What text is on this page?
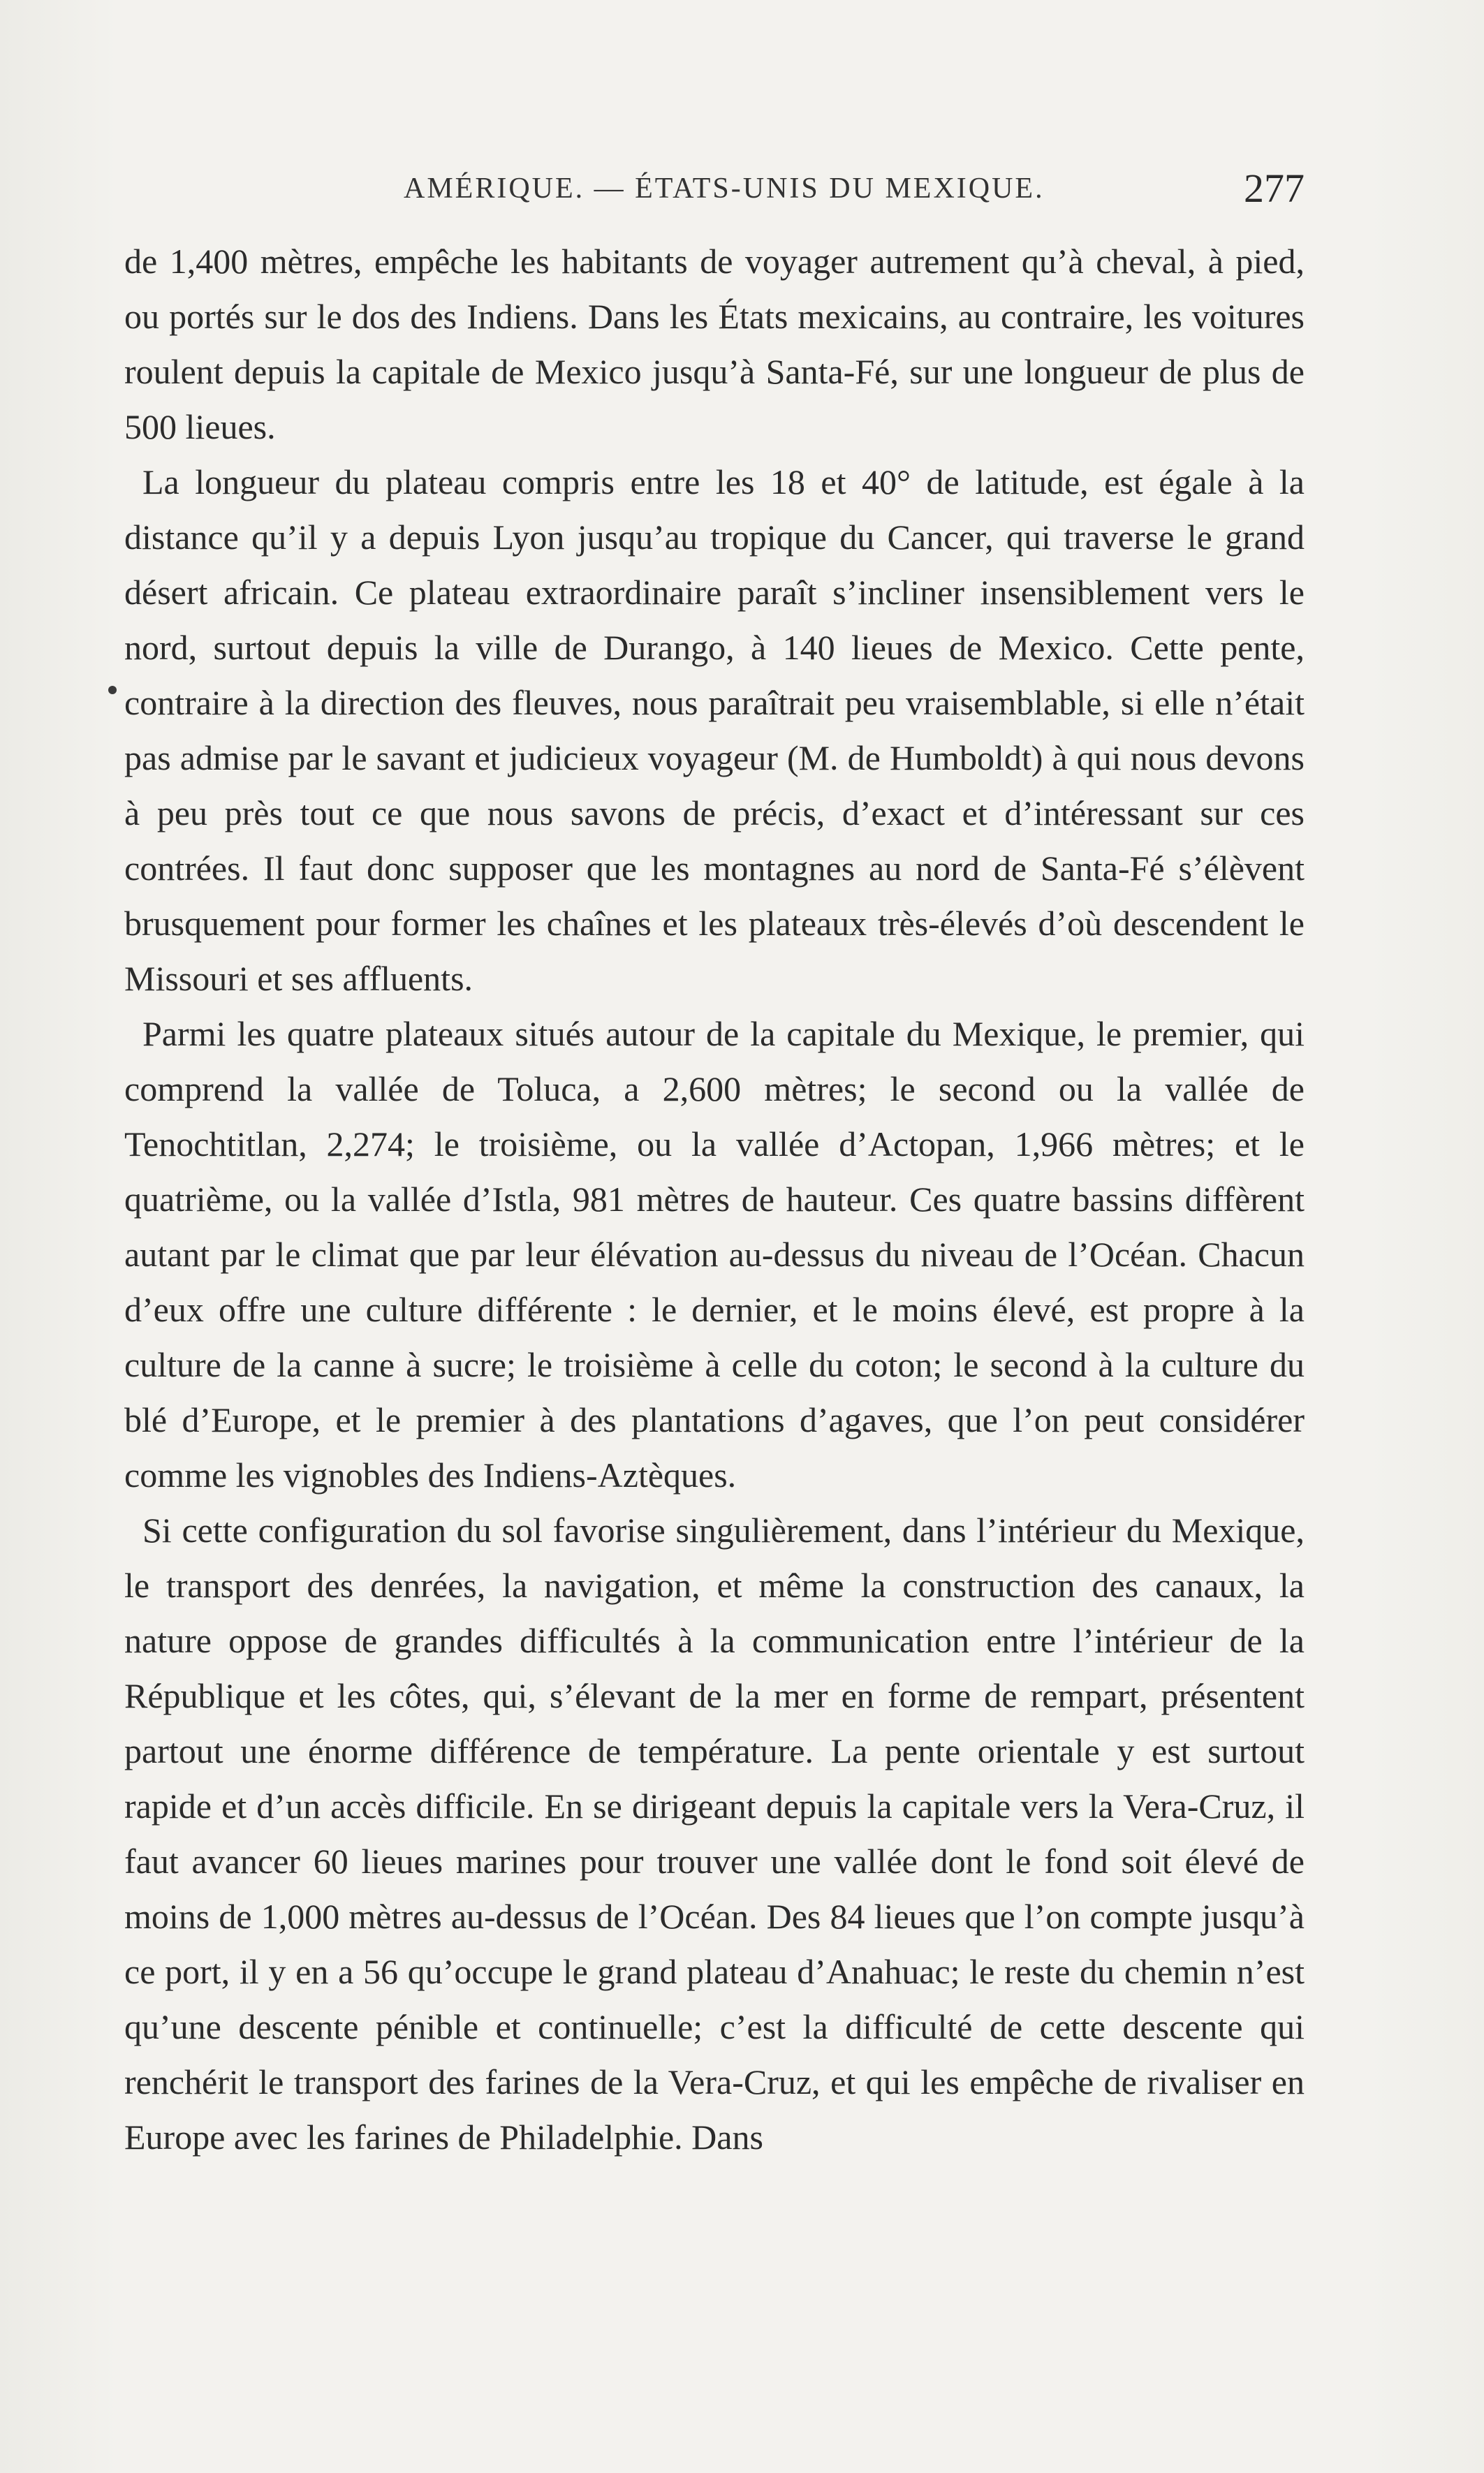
AMÉRIQUE. — ÉTATS-UNIS DU MEXIQUE.	277

de 1,400 mètres, empêche les habitants de voyager autrement qu’à cheval, à pied, ou portés sur le dos des Indiens. Dans les États mexicains, au contraire, les voitures roulent depuis la capitale de Mexico jusqu’à Santa-Fé, sur une longueur de plus de 500 lieues.

La longueur du plateau compris entre les 18 et 40° de latitude, est égale à la distance qu’il y a depuis Lyon jusqu’au tropique du Cancer, qui traverse le grand désert africain. Ce plateau extraordinaire paraît s’incliner insensiblement vers le nord, surtout depuis la ville de Durango, à 140 lieues de Mexico. Cette pente, contraire à la direction des fleuves, nous paraîtrait peu vraisemblable, si elle n’était pas admise par le savant et judicieux voyageur (M. de Humboldt) à qui nous devons à peu près tout ce que nous savons de précis, d’exact et d’intéressant sur ces contrées. Il faut donc supposer que les montagnes au nord de Santa-Fé s’élèvent brusquement pour former les chaînes et les plateaux très-élevés d’où descendent le Missouri et ses affluents.

Parmi les quatre plateaux situés autour de la capitale du Mexique, le premier, qui comprend la vallée de Toluca, a 2,600 mètres; le second ou la vallée de Tenochtitlan, 2,274; le troisième, ou la vallée d’Actopan, 1,966 mètres; et le quatrième, ou la vallée d’Istla, 981 mètres de hauteur. Ces quatre bassins diffèrent autant par le climat que par leur élévation au-dessus du niveau de l’Océan. Chacun d’eux offre une culture différente : le dernier, et le moins élevé, est propre à la culture de la canne à sucre; le troisième à celle du coton; le second à la culture du blé d’Europe, et le premier à des plantations d’agaves, que l’on peut considérer comme les vignobles des Indiens-Aztèques.

Si cette configuration du sol favorise singulièrement, dans l’intérieur du Mexique, le transport des denrées, la navigation, et même la construction des canaux, la nature oppose de grandes difficultés à la communication entre l’intérieur de la République et les côtes, qui, s’élevant de la mer en forme de rempart, présentent partout une énorme différence de température. La pente orientale y est surtout rapide et d’un accès difficile. En se dirigeant depuis la capitale vers la Vera-Cruz, il faut avancer 60 lieues marines pour trouver une vallée dont le fond soit élevé de moins de 1,000 mètres au-dessus de l’Océan. Des 84 lieues que l’on compte jusqu’à ce port, il y en a 56 qu’occupe le grand plateau d’Anahuac; le reste du chemin n’est qu’une descente pénible et continuelle; c’est la difficulté de cette descente qui renchérit le transport des farines de la Vera-Cruz, et qui les empêche de rivaliser en Europe avec les farines de Philadelphie. Dans
